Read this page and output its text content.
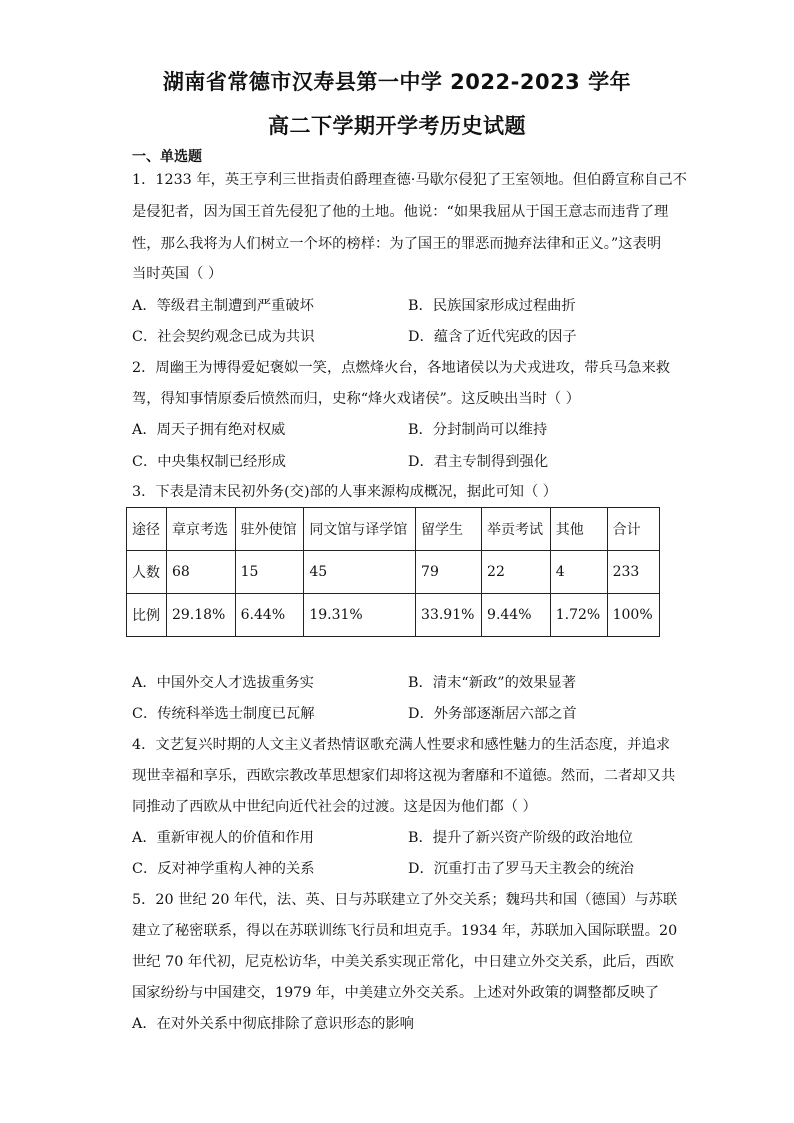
湖南省常德市汉寿县第一中学 2022-2023 学年
高二下学期开学考历史试题
一、单选题
1．1233 年，英王亨利三世指责伯爵理查德·马歇尔侵犯了王室领地。但伯爵宣称自己不
是侵犯者，因为国王首先侵犯了他的土地。他说：“如果我屈从于国王意志而违背了理
性，那么我将为人们树立一个坏的榜样：为了国王的罪恶而抛弃法律和正义。”这表明
当时英国（ ）
A．等级君主制遭到严重破坏	B．民族国家形成过程曲折
C．社会契约观念已成为共识	D．蕴含了近代宪政的因子
2．周幽王为博得爱妃褒姒一笑，点燃烽火台，各地诸侯以为犬戎进攻，带兵马急来救
驾，得知事情原委后愤然而归，史称“烽火戏诸侯”。这反映出当时（ ）
A．周天子拥有绝对权威	B．分封制尚可以维持
C．中央集权制已经形成	D．君主专制得到强化
3．下表是清末民初外务(交)部的人事来源构成概况，据此可知（ ）
途径	章京考选	驻外使馆	同文馆与译学馆	留学生	举贡考试	其他	合计
人数	68	15	45	79	22	4	233
比例	29.18%	6.44%	19.31%	33.91%	9.44%	1.72%	100%
A．中国外交人才选拔重务实	B．清末“新政”的效果显著
C．传统科举选士制度已瓦解	D．外务部逐渐居六部之首
4．文艺复兴时期的人文主义者热情讴歌充满人性要求和感性魅力的生活态度，并追求
现世幸福和享乐，西欧宗教改革思想家们却将这视为奢靡和不道德。然而，二者却又共
同推动了西欧从中世纪向近代社会的过渡。这是因为他们都（ ）
A．重新审视人的价值和作用	B．提升了新兴资产阶级的政治地位
C．反对神学重构人神的关系	D．沉重打击了罗马天主教会的统治
5．20 世纪 20 年代，法、英、日与苏联建立了外交关系；魏玛共和国（德国）与苏联
建立了秘密联系，得以在苏联训练飞行员和坦克手。1934 年，苏联加入国际联盟。20
世纪 70 年代初，尼克松访华，中美关系实现正常化，中日建立外交关系，此后，西欧
国家纷纷与中国建交，1979 年，中美建立外交关系。上述对外政策的调整都反映了
A．在对外关系中彻底排除了意识形态的影响
